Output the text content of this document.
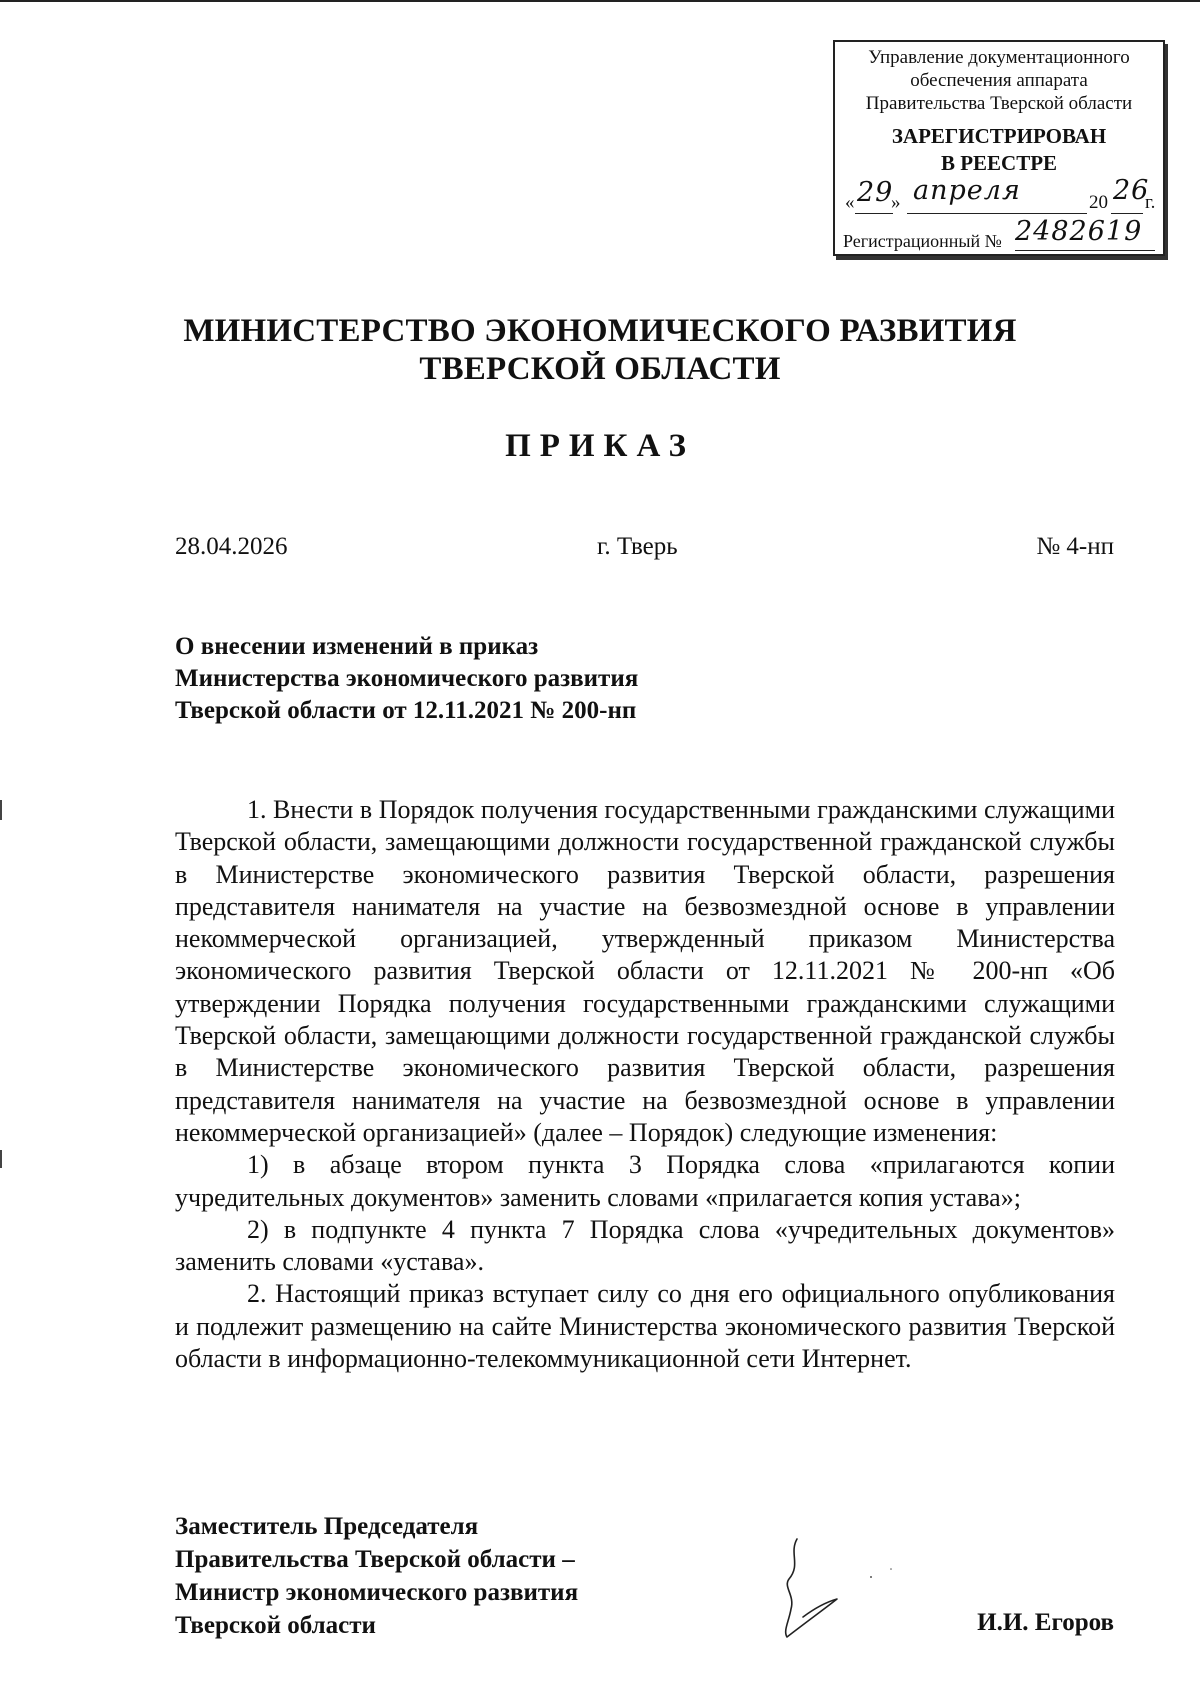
Управление документационного
обеспечения аппарата
Правительства Тверской области
ЗАРЕГИСТРИРОВАН
В РЕЕСТРЕ
« 29
» апреля	20 26
г.
Регистрационный № 2482619
МИНИСТЕРСТВО ЭКОНОМИЧЕСКОГО РАЗВИТИЯ
ТВЕРСКОЙ ОБЛАСТИ
ПРИКАЗ
28.04.2026	г. Тверь	№ 4-нп
О внесении изменений в приказ
Министерства экономического развития
Тверской области от 12.11.2021 № 200-нп

1. Внести в Порядок получения государственными гражданскими служащими Тверской области, замещающими должности государственной гражданской службы в Министерстве экономического развития Тверской области, разрешения представителя нанимателя на участие на безвозмездной основе в управлении некоммерческой организацией, утвержденный приказом Министерства экономического развития Тверской области от 12.11.2021 № 200-нп «Об утверждении Порядка получения государственными гражданскими служащими Тверской области, замещающими должности государственной гражданской службы в Министерстве экономического развития Тверской области, разрешения представителя нанимателя на участие на безвозмездной основе в управлении некоммерческой организацией» (далее – Порядок) следующие изменения:

1) в абзаце втором пункта 3 Порядка слова «прилагаются копии учредительных документов» заменить словами «прилагается копия устава»;

2) в подпункте 4 пункта 7 Порядка слова «учредительных документов» заменить словами «устава».

2. Настоящий приказ вступает силу со дня его официального опубликования и подлежит размещению на сайте Министерства экономического развития Тверской области в информационно-телекоммуникационной сети Интернет.

Заместитель Председателя
Правительства Тверской области –
Министр экономического развития
Тверской области	И.И. Егоров
